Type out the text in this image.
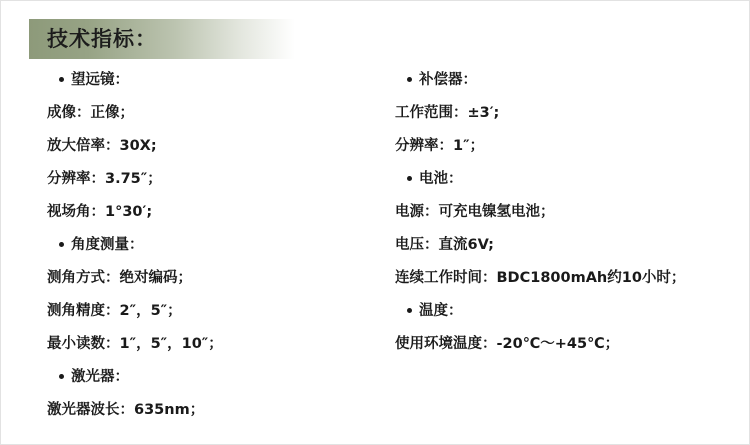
技术指标：
望远镜：
成像：正像；
放大倍率：30X;
分辨率：3.75″；
视场角：1°30′;
角度测量：
测角方式：绝对编码；
测角精度：2″，5″；
最小读数：1″，5″，10″；
激光器：
激光器波长：635nm；
补偿器：
工作范围：±3′;
分辨率：1″；
电池：
电源：可充电镍氢电池；
电压：直流6V;
连续工作时间：BDC1800mAh约10小时；
温度：
使用环境温度：-20℃～+45℃；
